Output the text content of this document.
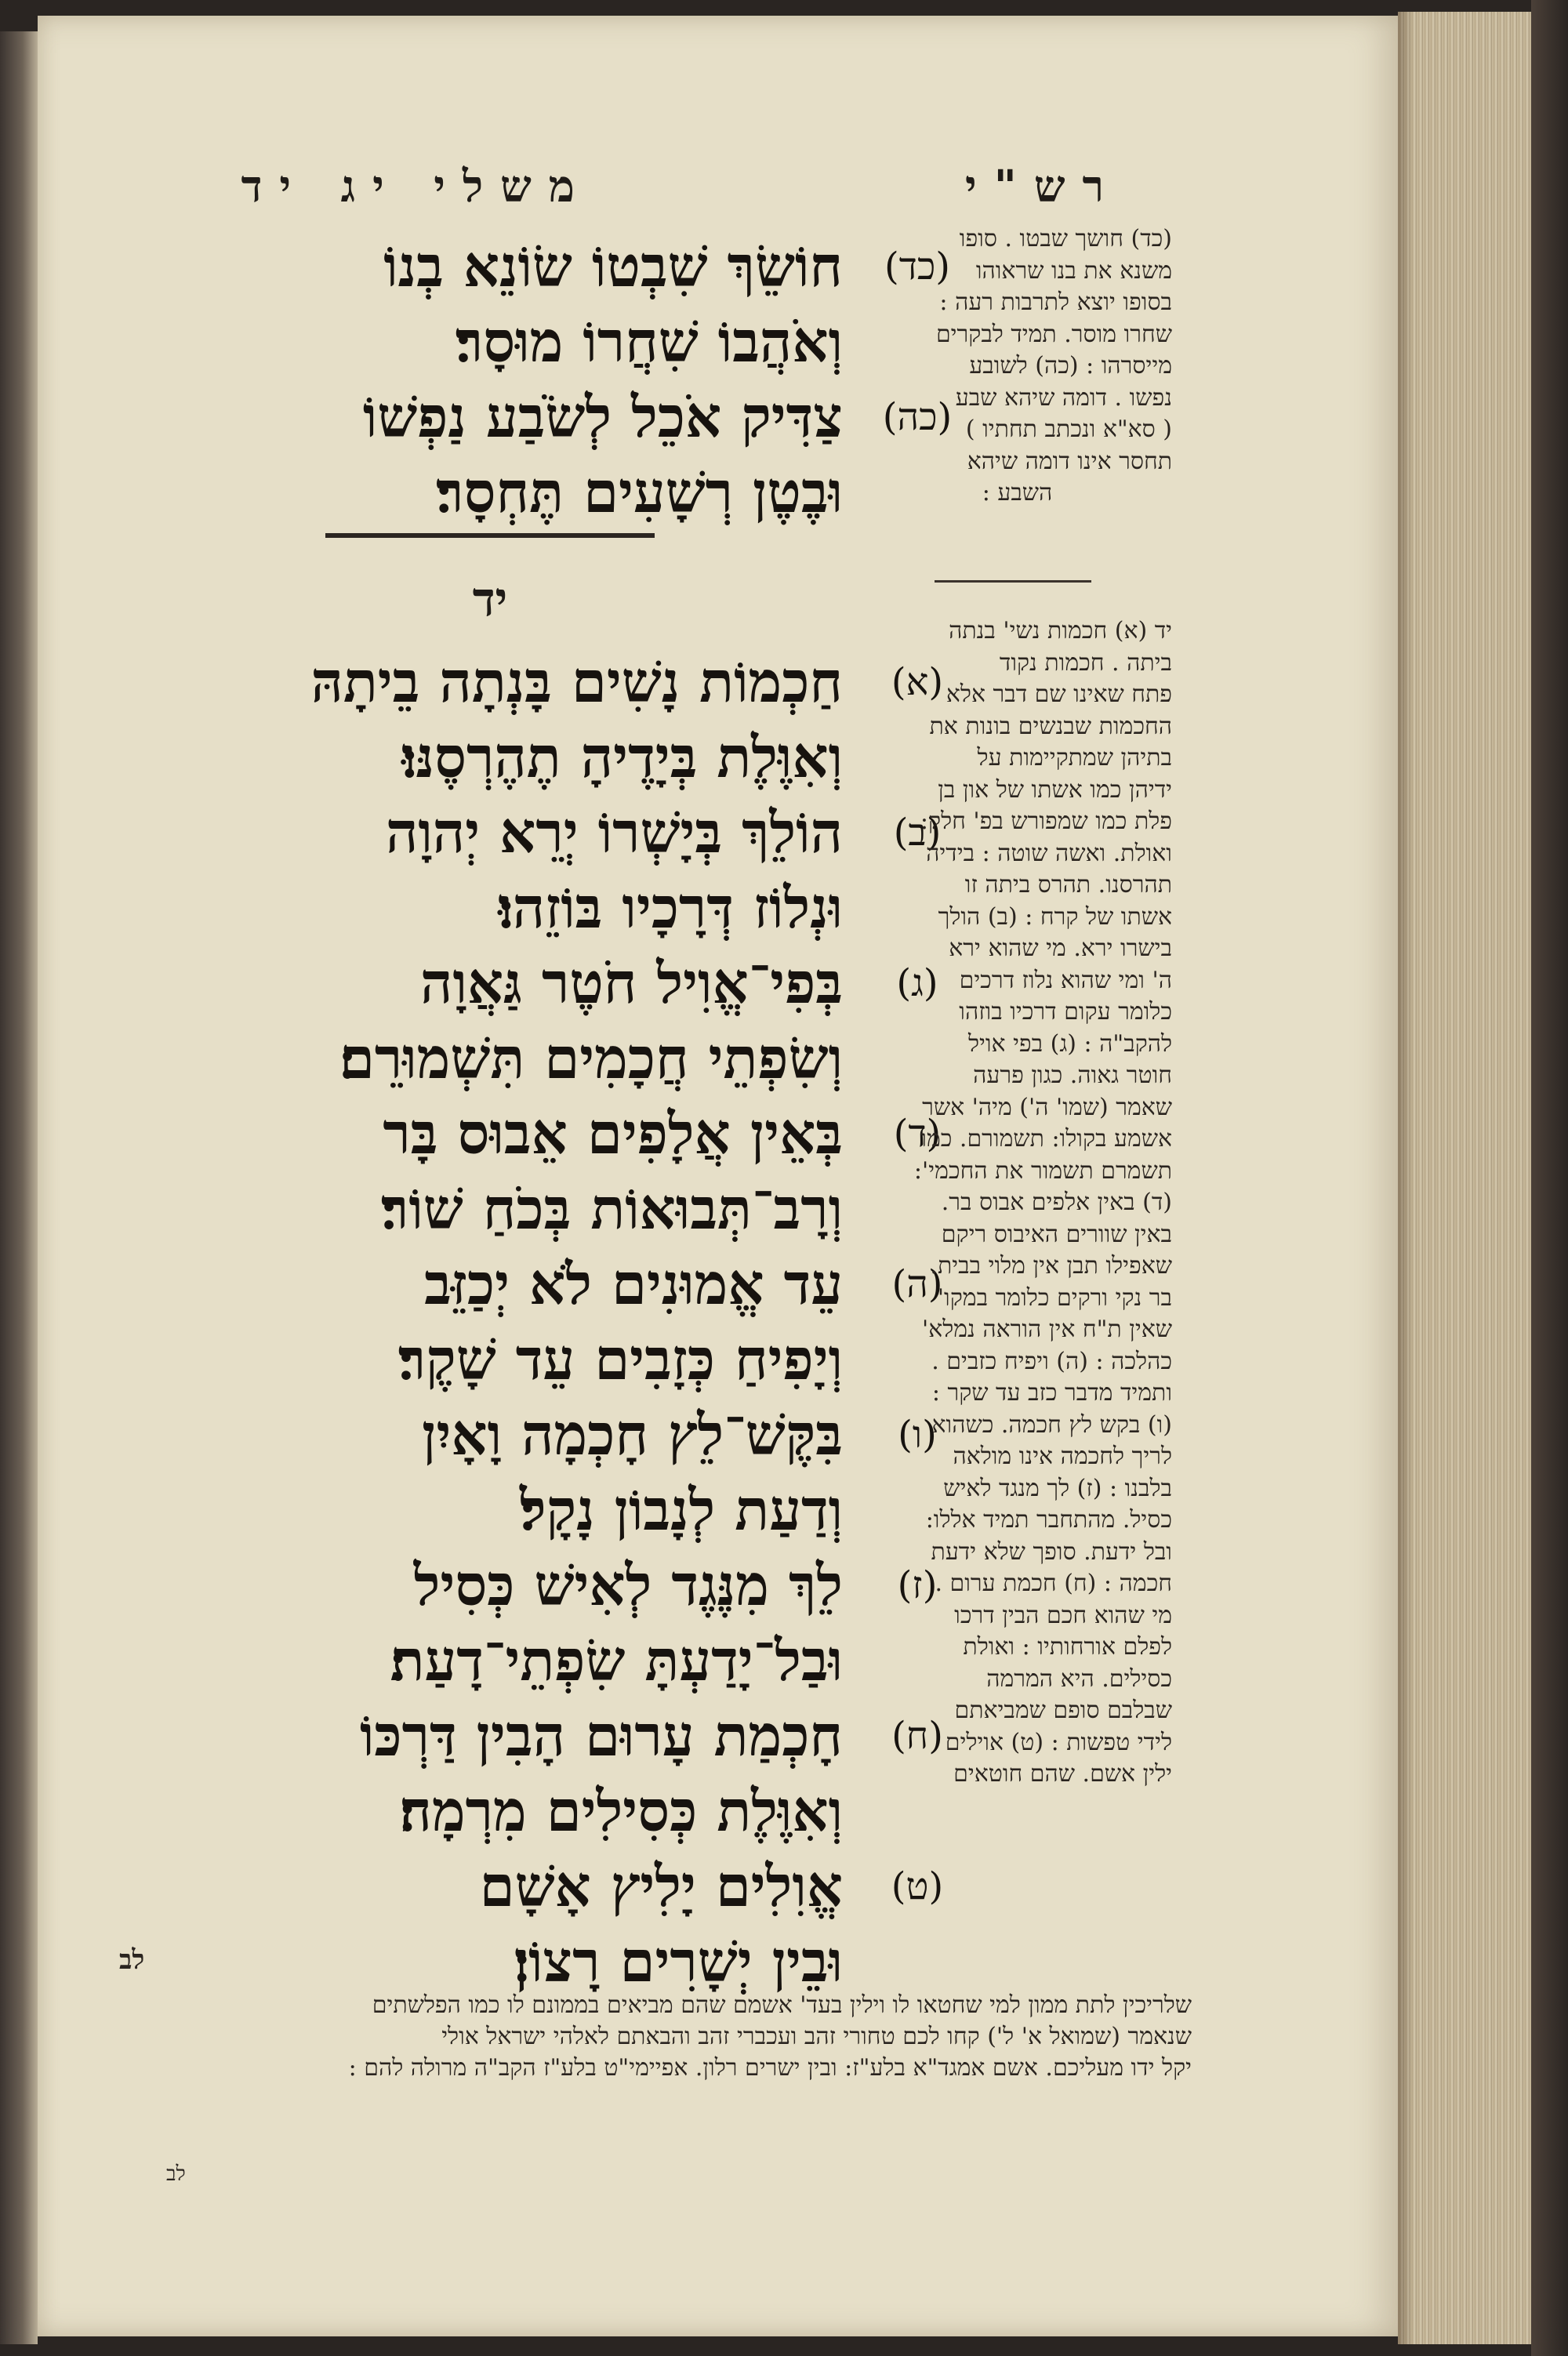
משלי יג יד	רש"י
(כד)
חוֹשֵׂךְ שִׁבְטוֹ שׂוֹנֵא בְנוֹ
וְאֹהֲבוֹ שִׁחֲרוֹ מוּסָר׃
(כה)
צַדִּיק אֹכֵל לְשֹׂבַע נַפְשׁוֹ
וּבֶטֶן רְשָׁעִים תֶּחְסָר׃
יד
(א)
חַכְמוֹת נָשִׁים בָּנְתָה בֵיתָהּ
וְאִוֶּלֶת בְּיָדֶיהָ תֶהֶרְסֶנּוּ׃
(ב)
הוֹלֵךְ בְּיָשְׁרוֹ יְרֵא יְהוָה
וּנְלוֹז דְּרָכָיו בּוֹזֵהוּ׃
(ג)
בְּפִי־אֱוִיל חֹטֶר גַּאֲוָה
וְשִׂפְתֵי חֲכָמִים תִּשְׁמוּרֵם׃
(ד)
בְּאֵין אֲלָפִים אֵבוּס בָּר
וְרָב־תְּבוּאוֹת בְּכֹחַ שׁוֹר׃
(ה)
עֵד אֱמוּנִים לֹא יְכַזֵּב
וְיָפִיחַ כְּזָבִים עֵד שָׁקֶר׃
(ו)
בִּקֶּשׁ־לֵץ חָכְמָה וָאָיִן
וְדַעַת לְנָבוֹן נָקָל׃
(ז)
לֵךְ מִנֶּגֶד לְאִישׁ כְּסִיל
וּבַל־יָדַעְתָּ שִׂפְתֵי־דָעַת׃
(ח)
חָכְמַת עָרוּם הָבִין דַּרְכּוֹ
וְאִוֶּלֶת כְּסִילִים מִרְמָה׃
(ט)
אֱוִלִים יָלִיץ אָשָׁם
וּבֵין יְשָׁרִים רָצוֹן׃
(כד) חושך שבטו . סופו
משנא את בנו שראוהו
בסופו יוצא לתרבות רעה :
שחרו מוסר. תמיד לבקרים
מייסרהו : (כה) לשובע
נפשו . דומה שיהא שבע
( סא"א ונכתב תחתיו )
תחסר אינו דומה שיהא
השבע :
יד (א) חכמות נשי' בנתה
ביתה . חכמות נקוד
פתח שאינו שם דבר אלא
החכמות שבנשים בונות את
בתיהן שמתקיימות על
ידיהן כמו אשתו של און בן
פלת כמו שמפורש בפ' חלק:
ואולת. ואשה שוטה : בידיה
תהרסנו. תהרס ביתה זו
אשתו של קרח : (ב) הולך
בישרו ירא. מי שהוא ירא
ה' ומי שהוא נלוז דרכים
כלומר עקום דרכיו בוזהו
להקב"ה : (ג) בפי אויל
חוטר גאוה. כגון פרעה
שאמר (שמו' ה') מיה' אשר
אשמע בקולו: תשמורם. כמו
תשמרם תשמור את החכמי':
(ד) באין אלפים אבוס בר.
באין שוורים האיבוס ריקם
שאפילו תבן אין מלוי בבית.
בר נקי ורקים כלומר במקו'
שאין ת"ח אין הוראה נמלא'
כהלכה : (ה) ויפיח כזבים .
ותמיד מדבר כזב עד שקר :
(ו) בקש לץ חכמה. כשהוא
לריך לחכמה אינו מולאה
בלבנו : (ז) לך מנגד לאיש
כסיל. מהתחבר תמיד אללו:
ובל ידעת. סופך שלא ידעת
חכמה : (ח) חכמת ערום .
מי שהוא חכם הבין דרכו
לפלם אורחותיו : ואולת
כסילים. היא המרמה
שבלבם סופם שמביאתם
לידי טפשות : (ט) אוילים
ילין אשם. שהם חוטאים
לב
שלריכין לתת ממון למי שחטאו לו וילין בעד' אשמם שהם מביאים בממונם לו כמו הפלשתים
שנאמר (שמואל א' ל') קחו לכם טחורי זהב ועכברי זהב והבאתם לאלהי ישראל אולי
יקל ידו מעליכם. אשם אמגד"א בלע"ז: ובין ישרים רלון. אפיימי"ט בלע"ז הקב"ה מרולה להם :
לב
